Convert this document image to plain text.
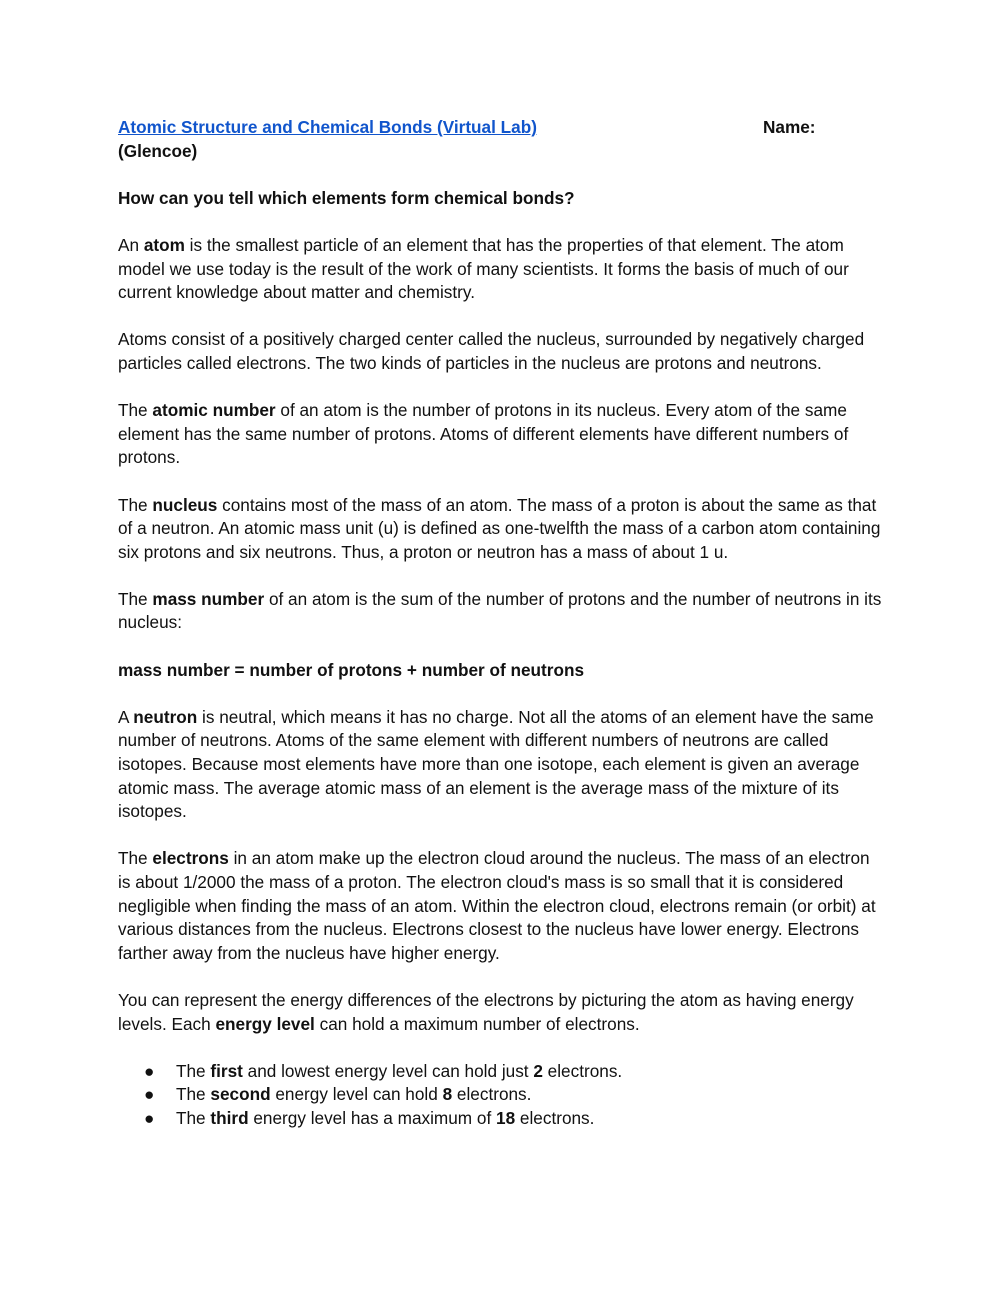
Atomic Structure and Chemical Bonds (Virtual Lab)	Name:
(Glencoe)

How can you tell which elements form chemical bonds?

An atom is the smallest particle of an element that has the properties of that element. The atom model we use today is the result of the work of many scientists. It forms the basis of much of our current knowledge about matter and chemistry.

Atoms consist of a positively charged center called the nucleus, surrounded by negatively charged particles called electrons. The two kinds of particles in the nucleus are protons and neutrons.

The atomic number of an atom is the number of protons in its nucleus. Every atom of the same element has the same number of protons. Atoms of different elements have different numbers of protons.

The nucleus contains most of the mass of an atom. The mass of a proton is about the same as that of a neutron. An atomic mass unit (u) is defined as one-twelfth the mass of a carbon atom containing six protons and six neutrons. Thus, a proton or neutron has a mass of about 1 u.

The mass number of an atom is the sum of the number of protons and the number of neutrons in its nucleus:

mass number = number of protons + number of neutrons

A neutron is neutral, which means it has no charge. Not all the atoms of an element have the same number of neutrons. Atoms of the same element with different numbers of neutrons are called isotopes. Because most elements have more than one isotope, each element is given an average atomic mass. The average atomic mass of an element is the average mass of the mixture of its isotopes.

The electrons in an atom make up the electron cloud around the nucleus. The mass of an electron is about 1/2000 the mass of a proton. The electron cloud's mass is so small that it is considered negligible when finding the mass of an atom. Within the electron cloud, electrons remain (or orbit) at various distances from the nucleus. Electrons closest to the nucleus have lower energy. Electrons farther away from the nucleus have higher energy.

You can represent the energy differences of the electrons by picturing the atom as having energy levels. Each energy level can hold a maximum number of electrons.

● The first and lowest energy level can hold just 2 electrons.
● The second energy level can hold 8 electrons.
● The third energy level has a maximum of 18 electrons.
